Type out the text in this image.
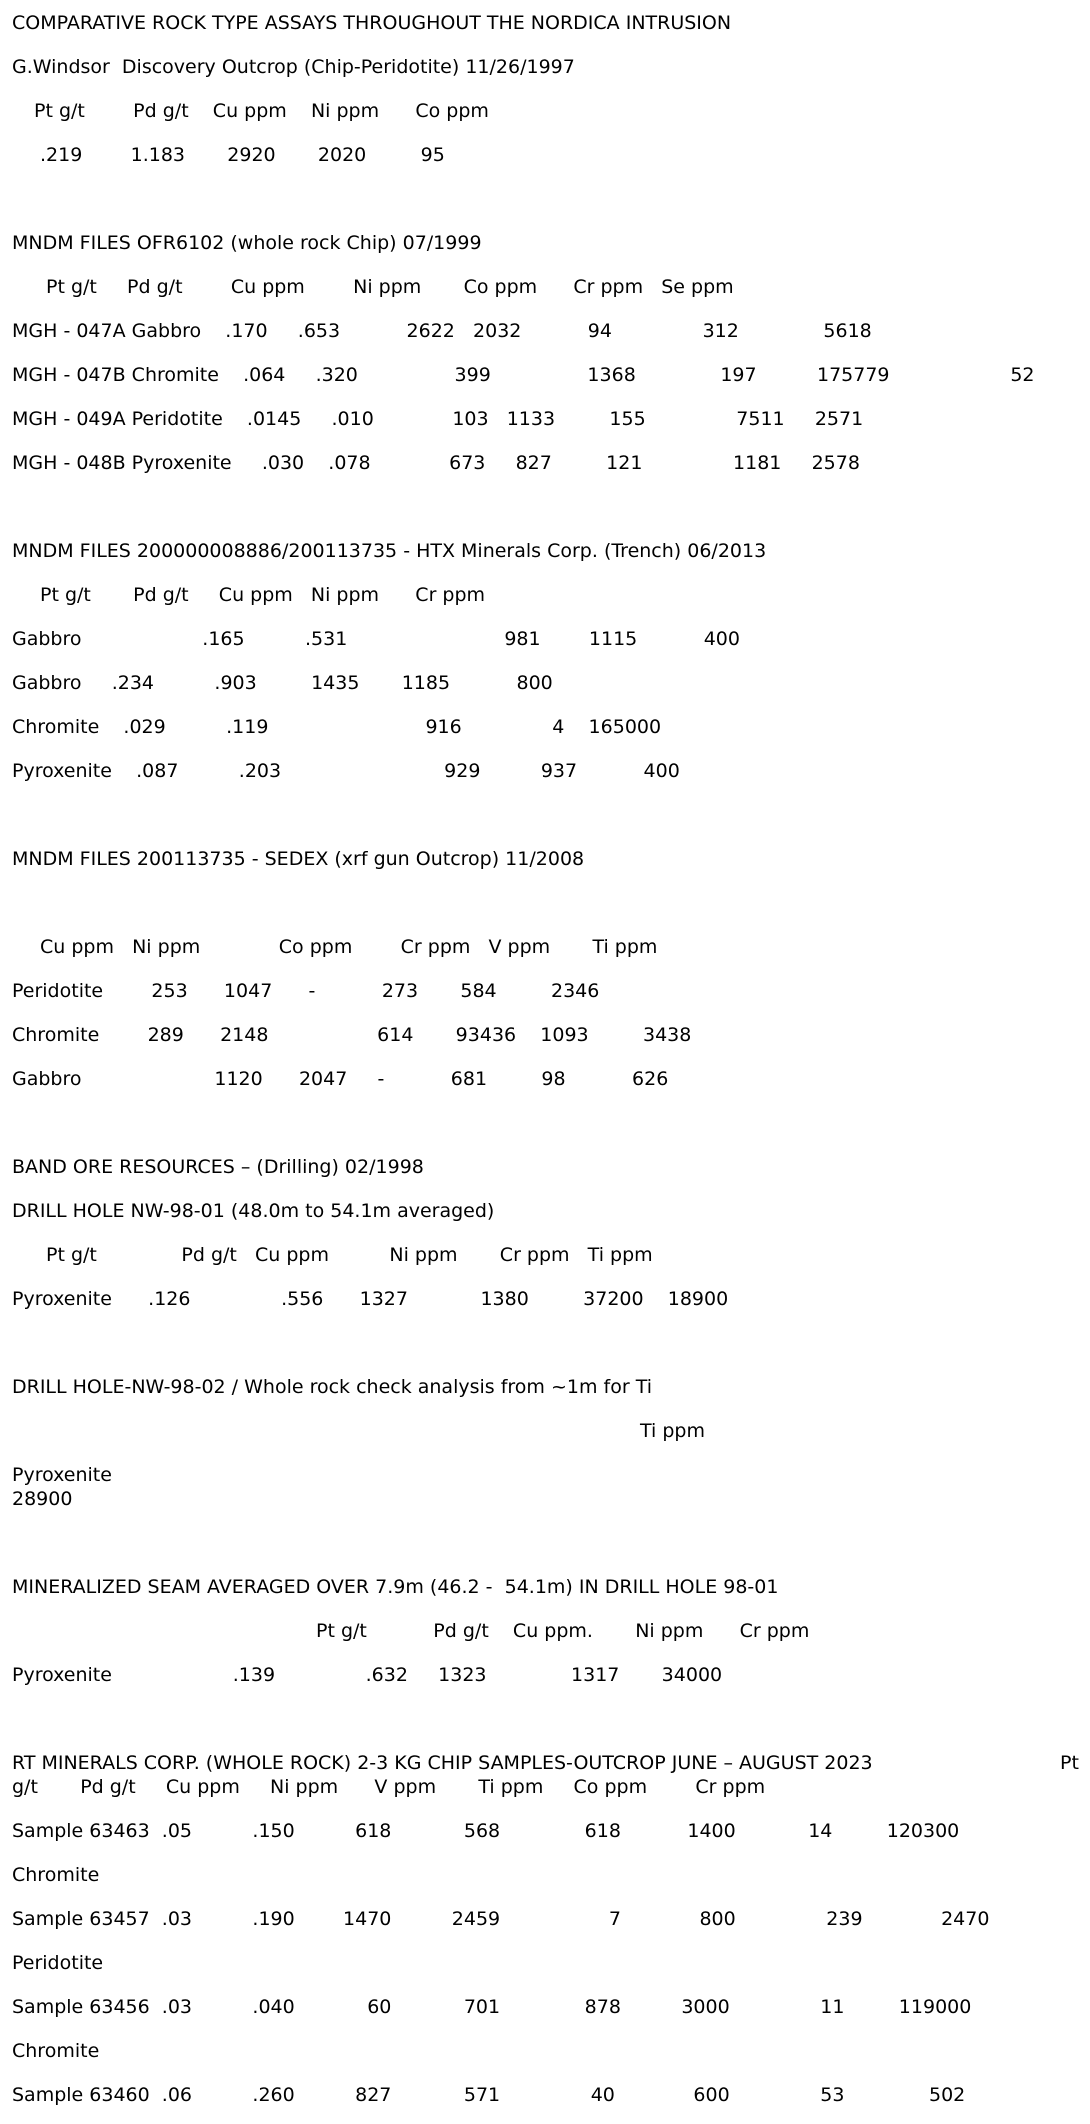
COMPARATIVE ROCK TYPE ASSAYS THROUGHOUT THE NORDICA INTRUSION
G.Windsor  Discovery Outcrop (Chip-Peridotite) 11/26/1997
Pt g/t        Pd g/t    Cu ppm    Ni ppm      Co ppm
.219        1.183       2920       2020         95
MNDM FILES OFR6102 (whole rock Chip) 07/1999
Pt g/t     Pd g/t        Cu ppm        Ni ppm       Co ppm      Cr ppm   Se ppm
MGH - 047A Gabbro    .170     .653           2622   2032           94               312              5618
MGH - 047B Chromite    .064     .320                399                1368              197          175779                    52
MGH - 049A Peridotite    .0145     .010             103   1133         155               7511     2571
MGH - 048B Pyroxenite     .030    .078             673     827         121               1181     2578
MNDM FILES 200000008886/200113735 - HTX Minerals Corp. (Trench) 06/2013
Pt g/t       Pd g/t     Cu ppm   Ni ppm      Cr ppm
Gabbro                    .165          .531                          981        1115           400
Gabbro     .234          .903         1435       1185           800
Chromite    .029          .119                          916               4    165000
Pyroxenite    .087          .203                           929          937           400
MNDM FILES 200113735 - SEDEX (xrf gun Outcrop) 11/2008
Cu ppm   Ni ppm             Co ppm        Cr ppm   V ppm       Ti ppm
Peridotite        253      1047      -           273       584         2346
Chromite        289      2148                  614       93436    1093         3438
Gabbro                      1120      2047     -           681         98           626
BAND ORE RESOURCES – (Drilling) 02/1998
DRILL HOLE NW-98-01 (48.0m to 54.1m averaged)
Pt g/t              Pd g/t   Cu ppm          Ni ppm       Cr ppm   Ti ppm
Pyroxenite      .126               .556      1327            1380         37200    18900
DRILL HOLE-NW-98-02 / Whole rock check analysis from ~1m for Ti
Ti ppm
Pyroxenite
28900
MINERALIZED SEAM AVERAGED OVER 7.9m (46.2 -  54.1m) IN DRILL HOLE 98-01
Pt g/t           Pd g/t    Cu ppm.       Ni ppm      Cr ppm
Pyroxenite                    .139               .632     1323              1317       34000
RT MINERALS CORP. (WHOLE ROCK) 2-3 KG CHIP SAMPLES-OUTCROP JUNE – AUGUST 2023	Pt
g/t       Pd g/t     Cu ppm     Ni ppm      V ppm       Ti ppm     Co ppm        Cr ppm
Sample 63463  .05          .150          618            568              618           1400            14         120300
Chromite
Sample 63457  .03          .190        1470          2459                  7             800               239             2470
Peridotite
Sample 63456  .03          .040            60            701              878          3000               11         119000
Chromite
Sample 63460  .06          .260          827            571               40             600               53              502
